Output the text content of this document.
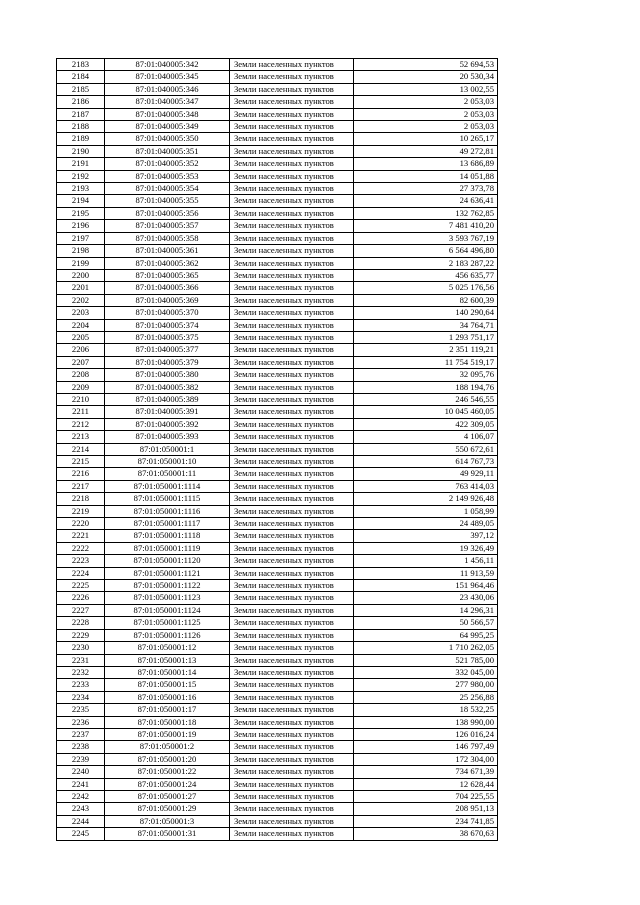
2183	87:01:040005:342	Земли населенных пунктов	52 694,53
2184	87:01:040005:345	Земли населенных пунктов	20 530,34
2185	87:01:040005:346	Земли населенных пунктов	13 002,55
2186	87:01:040005:347	Земли населенных пунктов	2 053,03
2187	87:01:040005:348	Земли населенных пунктов	2 053,03
2188	87:01:040005:349	Земли населенных пунктов	2 053,03
2189	87:01:040005:350	Земли населенных пунктов	10 265,17
2190	87:01:040005:351	Земли населенных пунктов	49 272,81
2191	87:01:040005:352	Земли населенных пунктов	13 686,89
2192	87:01:040005:353	Земли населенных пунктов	14 051,88
2193	87:01:040005:354	Земли населенных пунктов	27 373,78
2194	87:01:040005:355	Земли населенных пунктов	24 636,41
2195	87:01:040005:356	Земли населенных пунктов	132 762,85
2196	87:01:040005:357	Земли населенных пунктов	7 481 410,20
2197	87:01:040005:358	Земли населенных пунктов	3 593 767,19
2198	87:01:040005:361	Земли населенных пунктов	6 564 496,80
2199	87:01:040005:362	Земли населенных пунктов	2 183 287,22
2200	87:01:040005:365	Земли населенных пунктов	456 635,77
2201	87:01:040005:366	Земли населенных пунктов	5 025 176,56
2202	87:01:040005:369	Земли населенных пунктов	82 600,39
2203	87:01:040005:370	Земли населенных пунктов	140 290,64
2204	87:01:040005:374	Земли населенных пунктов	34 764,71
2205	87:01:040005:375	Земли населенных пунктов	1 293 751,17
2206	87:01:040005:377	Земли населенных пунктов	2 351 119,21
2207	87:01:040005:379	Земли населенных пунктов	11 754 519,17
2208	87:01:040005:380	Земли населенных пунктов	32 095,76
2209	87:01:040005:382	Земли населенных пунктов	188 194,76
2210	87:01:040005:389	Земли населенных пунктов	246 546,55
2211	87:01:040005:391	Земли населенных пунктов	10 045 460,05
2212	87:01:040005:392	Земли населенных пунктов	422 309,05
2213	87:01:040005:393	Земли населенных пунктов	4 106,07
2214	87:01:050001:1	Земли населенных пунктов	550 672,61
2215	87:01:050001:10	Земли населенных пунктов	614 767,73
2216	87:01:050001:11	Земли населенных пунктов	49 929,11
2217	87:01:050001:1114	Земли населенных пунктов	763 414,03
2218	87:01:050001:1115	Земли населенных пунктов	2 149 926,48
2219	87:01:050001:1116	Земли населенных пунктов	1 058,99
2220	87:01:050001:1117	Земли населенных пунктов	24 489,05
2221	87:01:050001:1118	Земли населенных пунктов	397,12
2222	87:01:050001:1119	Земли населенных пунктов	19 326,49
2223	87:01:050001:1120	Земли населенных пунктов	1 456,11
2224	87:01:050001:1121	Земли населенных пунктов	11 913,59
2225	87:01:050001:1122	Земли населенных пунктов	151 964,46
2226	87:01:050001:1123	Земли населенных пунктов	23 430,06
2227	87:01:050001:1124	Земли населенных пунктов	14 296,31
2228	87:01:050001:1125	Земли населенных пунктов	50 566,57
2229	87:01:050001:1126	Земли населенных пунктов	64 995,25
2230	87:01:050001:12	Земли населенных пунктов	1 710 262,05
2231	87:01:050001:13	Земли населенных пунктов	521 785,00
2232	87:01:050001:14	Земли населенных пунктов	332 045,00
2233	87:01:050001:15	Земли населенных пунктов	277 980,00
2234	87:01:050001:16	Земли населенных пунктов	25 256,88
2235	87:01:050001:17	Земли населенных пунктов	18 532,25
2236	87:01:050001:18	Земли населенных пунктов	138 990,00
2237	87:01:050001:19	Земли населенных пунктов	126 016,24
2238	87:01:050001:2	Земли населенных пунктов	146 797,49
2239	87:01:050001:20	Земли населенных пунктов	172 304,00
2240	87:01:050001:22	Земли населенных пунктов	734 671,39
2241	87:01:050001:24	Земли населенных пунктов	12 628,44
2242	87:01:050001:27	Земли населенных пунктов	704 225,55
2243	87:01:050001:29	Земли населенных пунктов	208 951,13
2244	87:01:050001:3	Земли населенных пунктов	234 741,85
2245	87:01:050001:31	Земли населенных пунктов	38 670,63
